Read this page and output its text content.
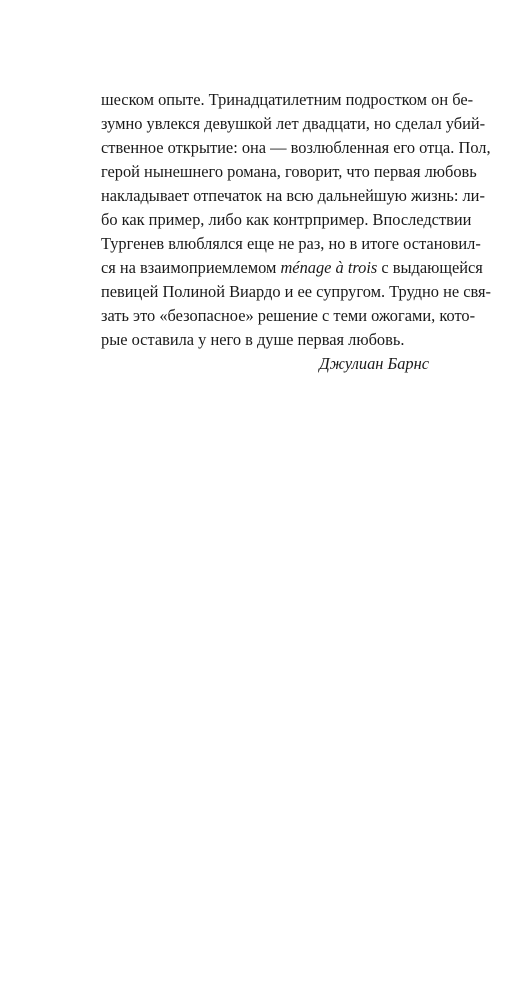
шеском опыте. Тринадцатилетним подростком он бе-
зумно увлекся девушкой лет двадцати, но сделал убий-
ственное открытие: она — возлюбленная его отца. Пол,
герой нынешнего романа, говорит, что первая любовь
накладывает отпечаток на всю дальнейшую жизнь: ли-
бо как пример, либо как контрпример. Впоследствии
Тургенев влюблялся еще не раз, но в итоге остановил-
ся на взаимоприемлемом ménage à trois с выдающейся
певицей Полиной Виардо и ее супругом. Трудно не свя-
зать это «безопасное» решение с теми ожогами, кото-
рые оставила у него в душе первая любовь.
Джулиан Барнс
